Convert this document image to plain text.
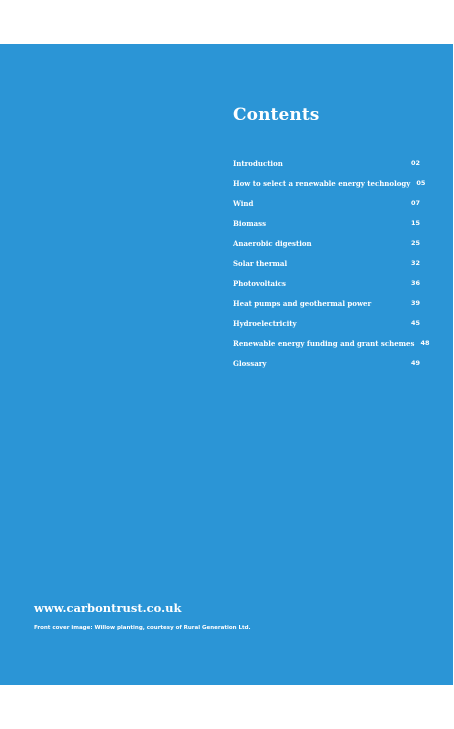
Contents
Introduction	02
How to select a renewable energy technology 05
Wind	07
Biomass	15
Anaerobic digestion	25
Solar thermal	32
Photovoltaics	36
Heat pumps and geothermal power	39
Hydroelectricity	45
Renewable energy funding and grant schemes 48
Glossary	49

www.carbontrust.co.uk

Front cover image: Willow planting, courtesy of Rural Generation Ltd.
